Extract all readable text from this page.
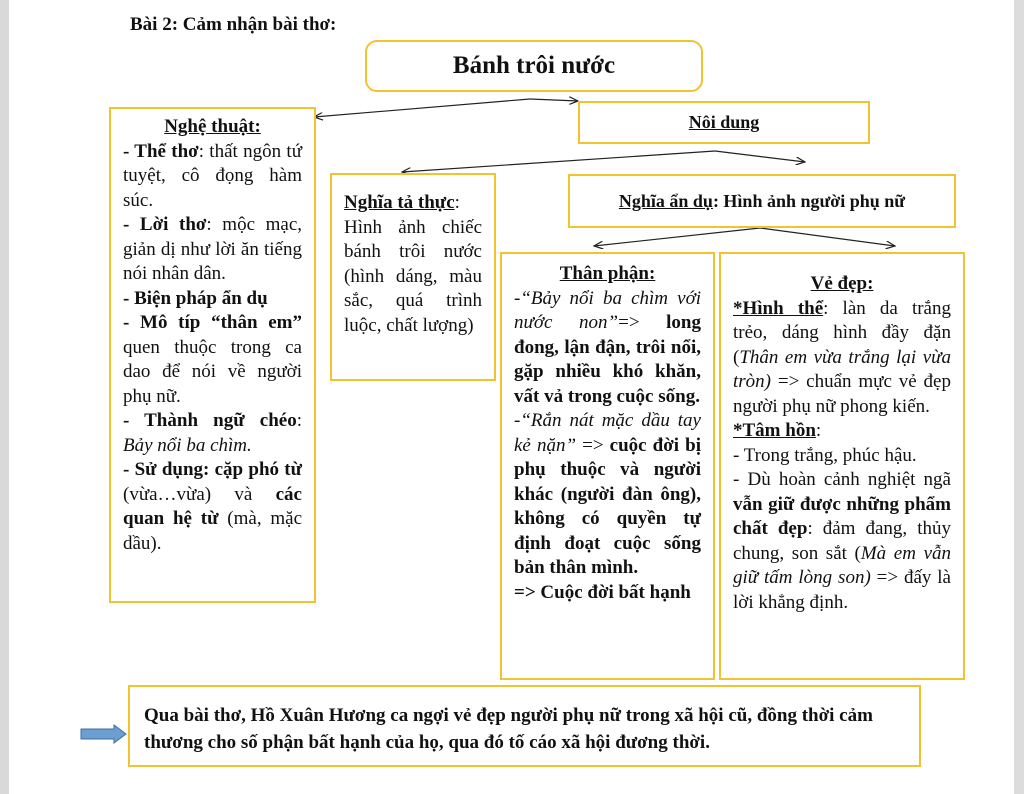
Bài 2: Cảm nhận bài thơ:
Bánh trôi nước
Nghệ thuật:
- Thể thơ: thất ngôn tứ tuyệt, cô đọng hàm súc.
- Lời thơ: mộc mạc, giản dị như lời ăn tiếng nói nhân dân.
- Biện pháp ẩn dụ
- Mô típ “thân em” quen thuộc trong ca dao để nói về người phụ nữ.
- Thành ngữ chéo: Bảy nổi ba chìm.
- Sử dụng: cặp phó từ (vừa…vừa) và các quan hệ từ (mà, mặc dầu).
Nôi dung
Nghĩa tả thực:
Hình ảnh chiếc bánh trôi nước (hình dáng, màu sắc, quá trình luộc, chất lượng)
Nghĩa ẩn dụ: Hình ảnh người phụ nữ
Thân phận:
-“Bảy nổi ba chìm với nước non”=> long đong, lận đận, trôi nổi, gặp nhiều khó khăn, vất vả trong cuộc sống.
-“Rắn nát mặc dầu tay kẻ nặn” => cuộc đời bị phụ thuộc và người khác (người đàn ông), không có quyền tự định đoạt cuộc sống bản thân mình.
=> Cuộc đời bất hạnh
Vẻ đẹp:
*Hình thể: làn da trắng trẻo, dáng hình đầy đặn (Thân em vừa trắng lại vừa tròn) => chuẩn mực vẻ đẹp người phụ nữ phong kiến.
*Tâm hồn:
- Trong trắng, phúc hậu.
- Dù hoàn cảnh nghiệt ngã vẫn giữ được những phẩm chất đẹp: đảm đang, thủy chung, son sắt (Mà em vẫn giữ tấm lòng son) => đấy là lời khẳng định.
Qua bài thơ, Hồ Xuân Hương ca ngợi vẻ đẹp người phụ nữ trong xã hội cũ, đồng thời cảm thương cho số phận bất hạnh của họ, qua đó tố cáo xã hội đương thời.
